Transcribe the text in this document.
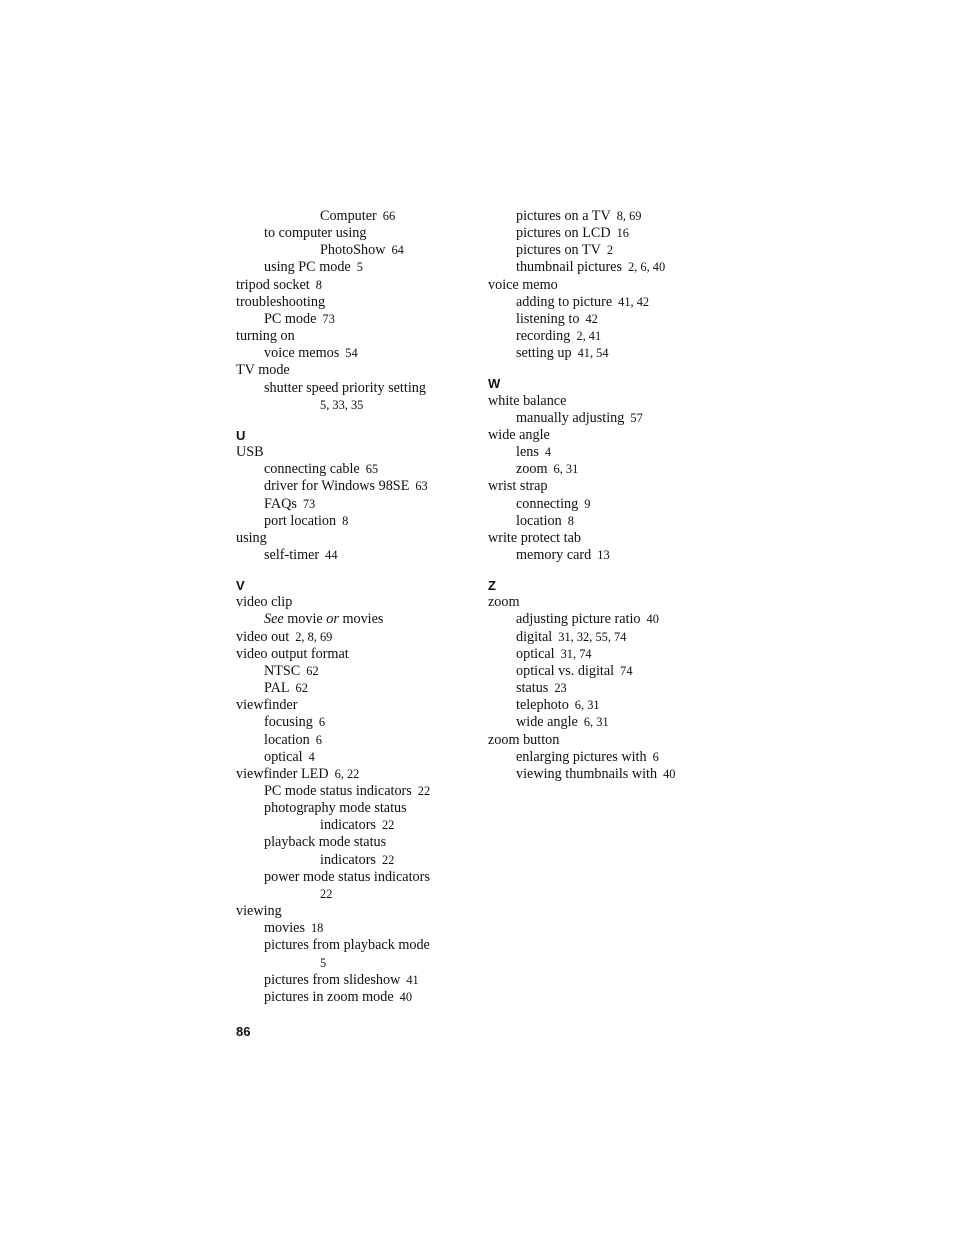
Computer 66
to computer using
PhotoShow 64
using PC mode 5
tripod socket 8
troubleshooting
PC mode 73
turning on
voice memos 54
TV mode
shutter speed priority setting
5, 33, 35
U
USB
connecting cable 65
driver for Windows 98SE 63
FAQs 73
port location 8
using
self-timer 44
V
video clip
See movie or movies
video out 2, 8, 69
video output format
NTSC 62
PAL 62
viewfinder
focusing 6
location 6
optical 4
viewfinder LED 6, 22
PC mode status indicators 22
photography mode status
indicators 22
playback mode status
indicators 22
power mode status indicators
22
viewing
movies 18
pictures from playback mode
5
pictures from slideshow 41
pictures in zoom mode 40
pictures on a TV 8, 69
pictures on LCD 16
pictures on TV 2
thumbnail pictures 2, 6, 40
voice memo
adding to picture 41, 42
listening to 42
recording 2, 41
setting up 41, 54
W
white balance
manually adjusting 57
wide angle
lens 4
zoom 6, 31
wrist strap
connecting 9
location 8
write protect tab
memory card 13
Z
zoom
adjusting picture ratio 40
digital 31, 32, 55, 74
optical 31, 74
optical vs. digital 74
status 23
telephoto 6, 31
wide angle 6, 31
zoom button
enlarging pictures with 6
viewing thumbnails with 40
86
